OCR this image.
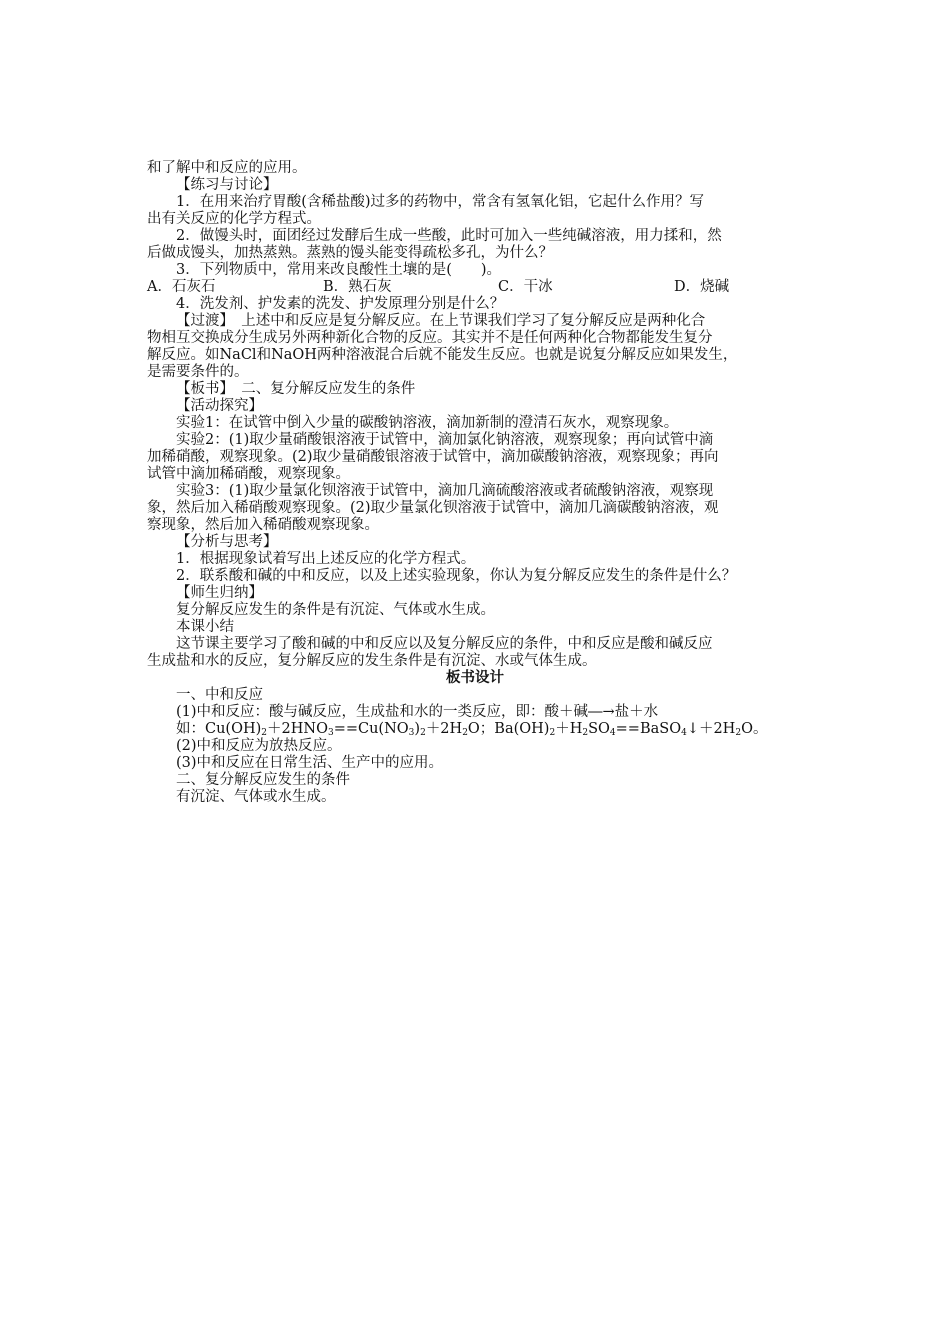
和了解中和反应的应用。
【练习与讨论】
1．在用来治疗胃酸(含稀盐酸)过多的药物中，常含有氢氧化铝，它起什么作用？写
出有关反应的化学方程式。
2．做馒头时，面团经过发酵后生成一些酸，此时可加入一些纯碱溶液，用力揉和，然
后做成馒头，加热蒸熟。蒸熟的馒头能变得疏松多孔，为什么？
3．下列物质中，常用来改良酸性土壤的是(　　)。
A．石灰石	B．熟石灰	C．干冰	D．烧碱
4．洗发剂、护发素的洗发、护发原理分别是什么？
【过渡】　上述中和反应是复分解反应。在上节课我们学习了复分解反应是两种化合
物相互交换成分生成另外两种新化合物的反应。其实并不是任何两种化合物都能发生复分
解反应。如NaCl和NaOH两种溶液混合后就不能发生反应。也就是说复分解反应如果发生，
是需要条件的。
【板书】　二、复分解反应发生的条件
【活动探究】
实验1：在试管中倒入少量的碳酸钠溶液，滴加新制的澄清石灰水，观察现象。
实验2：(1)取少量硝酸银溶液于试管中，滴加氯化钠溶液，观察现象；再向试管中滴
加稀硝酸，观察现象。(2)取少量硝酸银溶液于试管中，滴加碳酸钠溶液，观察现象；再向
试管中滴加稀硝酸，观察现象。
实验3：(1)取少量氯化钡溶液于试管中，滴加几滴硫酸溶液或者硫酸钠溶液，观察现
象，然后加入稀硝酸观察现象。(2)取少量氯化钡溶液于试管中，滴加几滴碳酸钠溶液，观
察现象，然后加入稀硝酸观察现象。
【分析与思考】
1．根据现象试着写出上述反应的化学方程式。
2．联系酸和碱的中和反应，以及上述实验现象，你认为复分解反应发生的条件是什么？
【师生归纳】
复分解反应发生的条件是有沉淀、气体或水生成。
本课小结
这节课主要学习了酸和碱的中和反应以及复分解反应的条件，中和反应是酸和碱反应
生成盐和水的反应，复分解反应的发生条件是有沉淀、水或气体生成。
板书设计
一、中和反应
(1)中和反应：酸与碱反应，生成盐和水的一类反应，即：酸＋碱―→盐＋水
如：$Cu(OH)_2+2HNO_3==Cu(NO_3)_2+2H_2O$；$Ba(OH)_2+H_2SO_4==BaSO_4↓+2H_2O$。
(2)中和反应为放热反应。
(3)中和反应在日常生活、生产中的应用。
二、复分解反应发生的条件
有沉淀、气体或水生成。
